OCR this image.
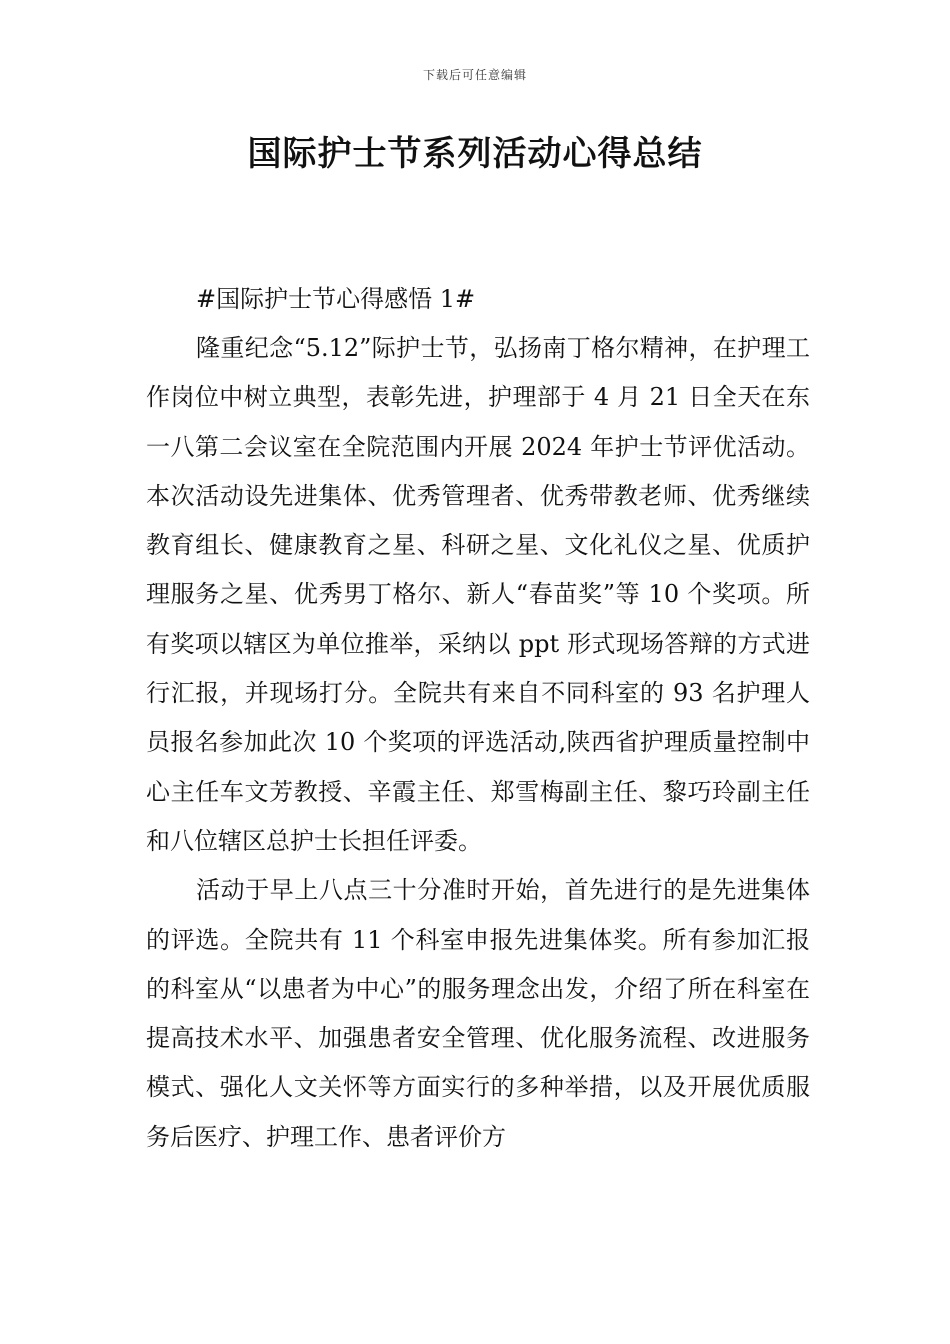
下载后可任意编辑
国际护士节系列活动心得总结

#国际护士节心得感悟 1#

隆重纪念“5.12”际护士节，弘扬南丁格尔精神，在护理工作岗位中树立典型，表彰先进，护理部于 4 月 21 日全天在东一八第二会议室在全院范围内开展 2024 年护士节评优活动。本次活动设先进集体、优秀管理者、优秀带教老师、优秀继续教育组长、健康教育之星、科研之星、文化礼仪之星、优质护理服务之星、优秀男丁格尔、新人“春苗奖”等 10 个奖项。所有奖项以辖区为单位推举，采纳以 ppt 形式现场答辩的方式进行汇报，并现场打分。全院共有来自不同科室的 93 名护理人员报名参加此次 10 个奖项的评选活动,陕西省护理质量控制中心主任车文芳教授、辛霞主任、郑雪梅副主任、黎巧玲副主任和八位辖区总护士长担任评委。

活动于早上八点三十分准时开始，首先进行的是先进集体的评选。全院共有 11 个科室申报先进集体奖。所有参加汇报的科室从“以患者为中心”的服务理念出发，介绍了所在科室在提高技术水平、加强患者安全管理、优化服务流程、改进服务模式、强化人文关怀等方面实行的多种举措，以及开展优质服务后医疗、护理工作、患者评价方
